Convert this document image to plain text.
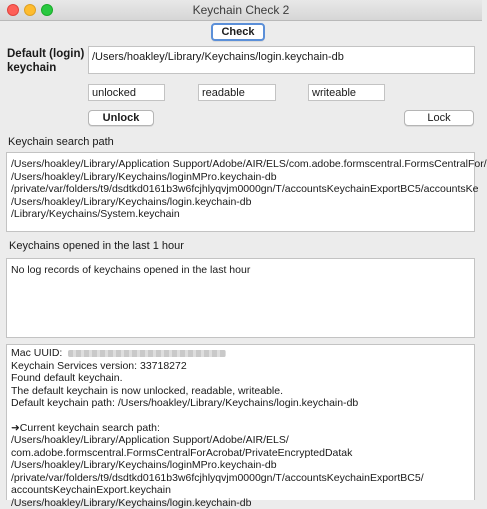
Keychain Check 2
Check
Default (login) keychain
/Users/hoakley/Library/Keychains/login.keychain-db
unlocked	readable	writeable
Unlock	Lock
Keychain search path
/Users/hoakley/Library/Application Support/Adobe/AIR/ELS/com.adobe.formscentral.FormsCentralFor/
/Users/hoakley/Library/Keychains/loginMPro.keychain-db
/private/var/folders/t9/dsdtkd0161b3w6fcjhlyqvjm0000gn/T/accountsKeychainExportBC5/accountsKe
/Users/hoakley/Library/Keychains/login.keychain-db
/Library/Keychains/System.keychain
Keychains opened in the last 1 hour
No log records of keychains opened in the last hour
Mac UUID:
Keychain Services version: 33718272
Found default keychain.
The default keychain is now unlocked, readable, writeable.
Default keychain path: /Users/hoakley/Library/Keychains/login.keychain-db
➜Current keychain search path:
/Users/hoakley/Library/Application Support/Adobe/AIR/ELS/
com.adobe.formscentral.FormsCentralForAcrobat/PrivateEncryptedDatak
/Users/hoakley/Library/Keychains/loginMPro.keychain-db
/private/var/folders/t9/dsdtkd0161b3w6fcjhlyqvjm0000gn/T/accountsKeychainExportBC5/
accountsKeychainExport.keychain
/Users/hoakley/Library/Keychains/login.keychain-db
